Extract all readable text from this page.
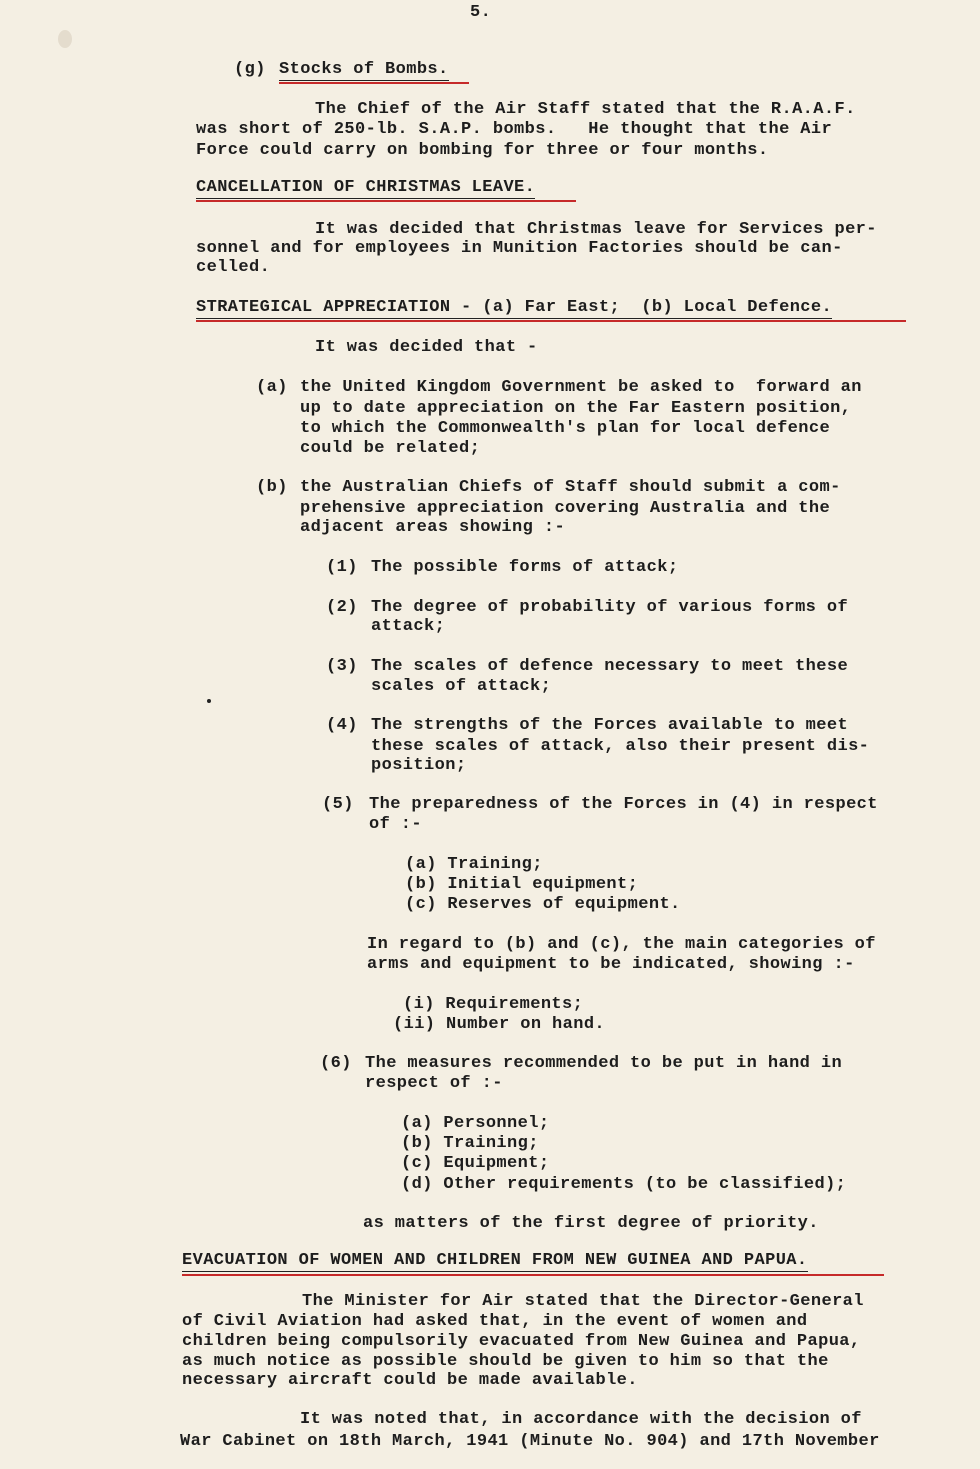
5.
(g) Stocks of Bombs.
The Chief of the Air Staff stated that the R.A.A.F.
was short of 250-lb. S.A.P. bombs.   He thought that the Air
Force could carry on bombing for three or four months.
CANCELLATION OF CHRISTMAS LEAVE.
It was decided that Christmas leave for Services per-
sonnel and for employees in Munition Factories should be can-
celled.
STRATEGICAL APPRECIATION - (a) Far East;  (b) Local Defence.
It was decided that -
(a) the United Kingdom Government be asked to  forward an
up to date appreciation on the Far Eastern position,
to which the Commonwealth's plan for local defence
could be related;
(b) the Australian Chiefs of Staff should submit a com-
prehensive appreciation covering Australia and the
adjacent areas showing :-
(1) The possible forms of attack;
(2) The degree of probability of various forms of
attack;
(3) The scales of defence necessary to meet these
scales of attack;
(4) The strengths of the Forces available to meet
these scales of attack, also their present dis-
position;
(5) The preparedness of the Forces in (4) in respect
of :-
(a) Training;
(b) Initial equipment;
(c) Reserves of equipment.
In regard to (b) and (c), the main categories of
arms and equipment to be indicated, showing :-
(i) Requirements;
(ii) Number on hand.
(6) The measures recommended to be put in hand in
respect of :-
(a) Personnel;
(b) Training;
(c) Equipment;
(d) Other requirements (to be classified);
as matters of the first degree of priority.
EVACUATION OF WOMEN AND CHILDREN FROM NEW GUINEA AND PAPUA.
The Minister for Air stated that the Director-General
of Civil Aviation had asked that, in the event of women and
children being compulsorily evacuated from New Guinea and Papua,
as much notice as possible should be given to him so that the
necessary aircraft could be made available.
It was noted that, in accordance with the decision of
War Cabinet on 18th March, 1941 (Minute No. 904) and 17th November
